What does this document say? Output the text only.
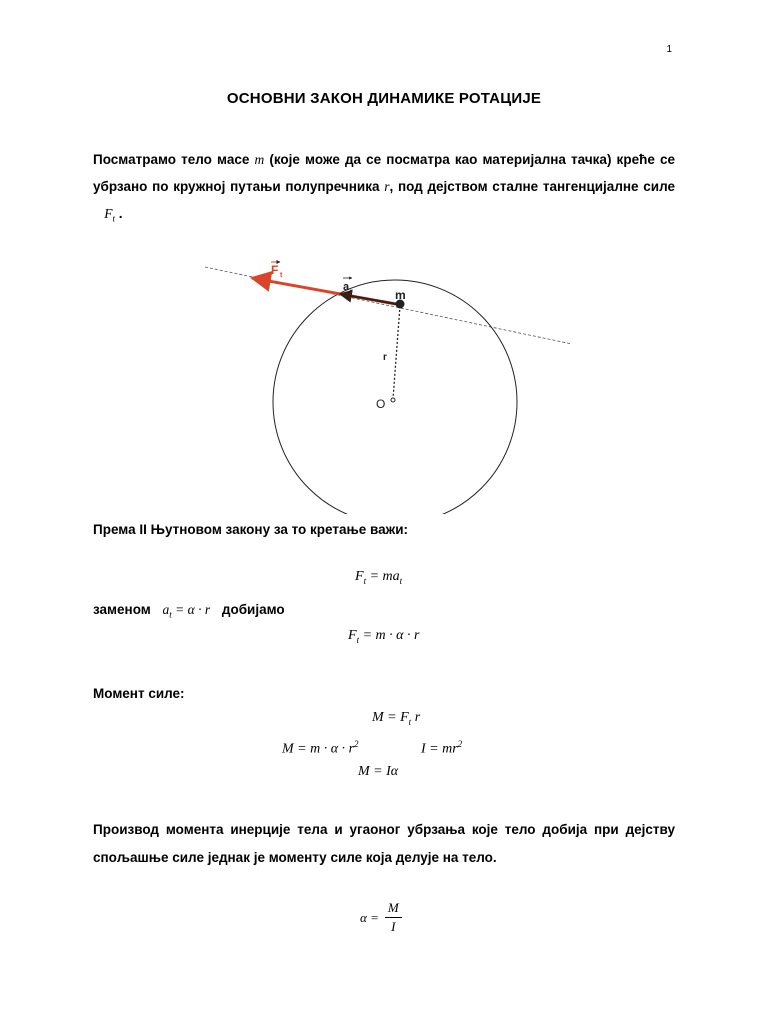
1
ОСНОВНИ ЗАКОН ДИНАМИКЕ РОТАЦИЈЕ
Посматрамо тело масе m (које може да се посматра као материјална тачка) креће се
убрзано по кружној путањи полупречника r, под дејством сталне тангенцијалне силе
$F_t$ .
F t
a r	m
r
O
Према II Њутновом закону за то кретање важи:
$F_t = ma_t$
заменом $a_t = \alpha \cdot r$ добијамо
$F_t = m \cdot \alpha \cdot r$
Момент силе:
$M = F_t$ r
$M = m \cdot \alpha \cdot r^2$	$I = mr^2$
M = Iα
Производ момента инерције тела и угаоног убрзања које тело добија при дејству
спољашње силе једнак је моменту силе која делује на тело.
$\alpha = \frac{M}{I}$
